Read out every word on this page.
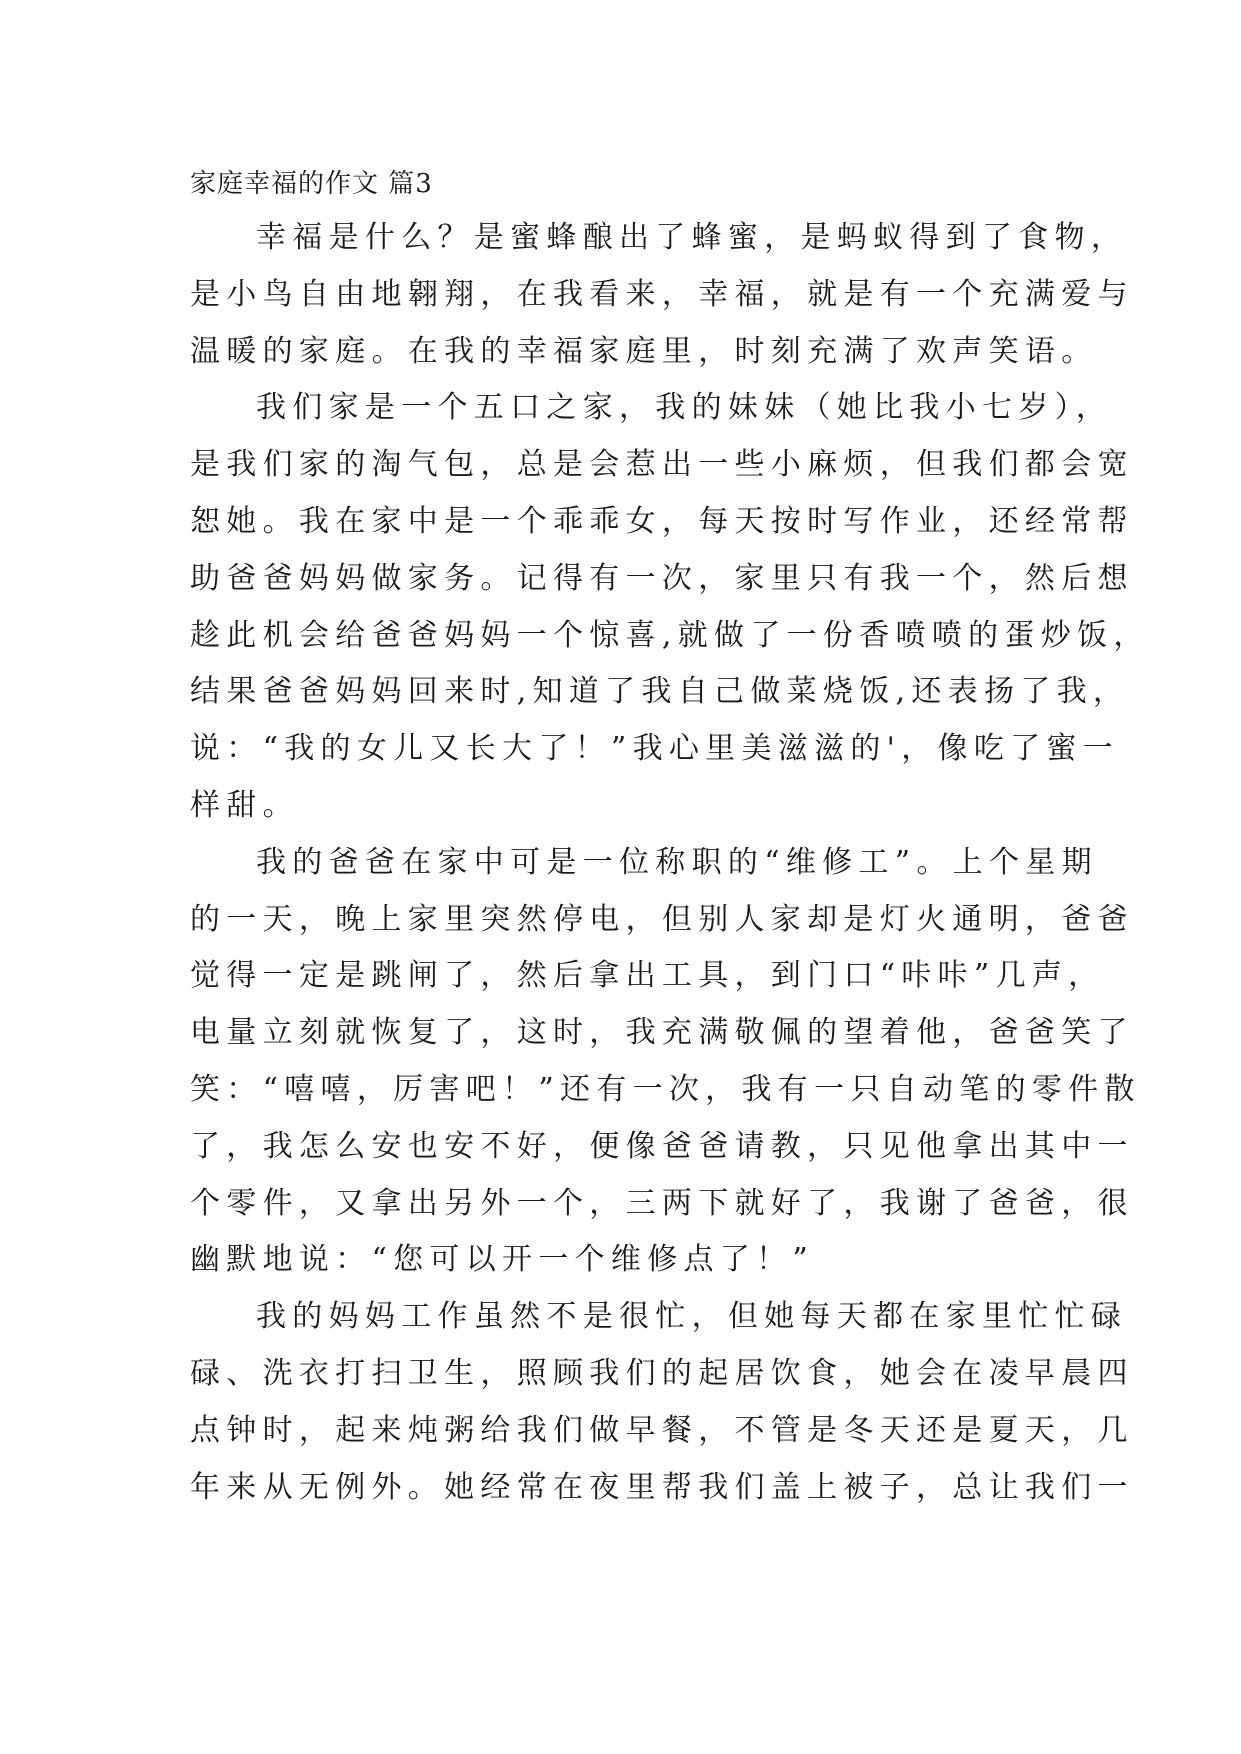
家庭幸福的作文 篇3
幸福是什么？是蜜蜂酿出了蜂蜜，是蚂蚁得到了食物，
是小鸟自由地翱翔，在我看来，幸福，就是有一个充满爱与
温暖的家庭。在我的幸福家庭里，时刻充满了欢声笑语。
我们家是一个五口之家，我的妹妹（她比我小七岁），
是我们家的淘气包，总是会惹出一些小麻烦，但我们都会宽
恕她。我在家中是一个乖乖女，每天按时写作业，还经常帮
助爸爸妈妈做家务。记得有一次，家里只有我一个，然后想
趁此机会给爸爸妈妈一个惊喜,就做了一份香喷喷的蛋炒饭，
结果爸爸妈妈回来时,知道了我自己做菜烧饭,还表扬了我，
说：“我的女儿又长大了！”我心里美滋滋的'，像吃了蜜一
样甜。
我的爸爸在家中可是一位称职的“维修工”。上个星期
的一天，晚上家里突然停电，但别人家却是灯火通明，爸爸
觉得一定是跳闸了，然后拿出工具，到门口“咔咔”几声，
电量立刻就恢复了，这时，我充满敬佩的望着他，爸爸笑了
笑：“嘻嘻，厉害吧！”还有一次，我有一只自动笔的零件散
了，我怎么安也安不好，便像爸爸请教，只见他拿出其中一
个零件，又拿出另外一个，三两下就好了，我谢了爸爸，很
幽默地说：“您可以开一个维修点了！”
我的妈妈工作虽然不是很忙，但她每天都在家里忙忙碌
碌、洗衣打扫卫生，照顾我们的起居饮食，她会在凌早晨四
点钟时，起来炖粥给我们做早餐，不管是冬天还是夏天，几
年来从无例外。她经常在夜里帮我们盖上被子，总让我们一
